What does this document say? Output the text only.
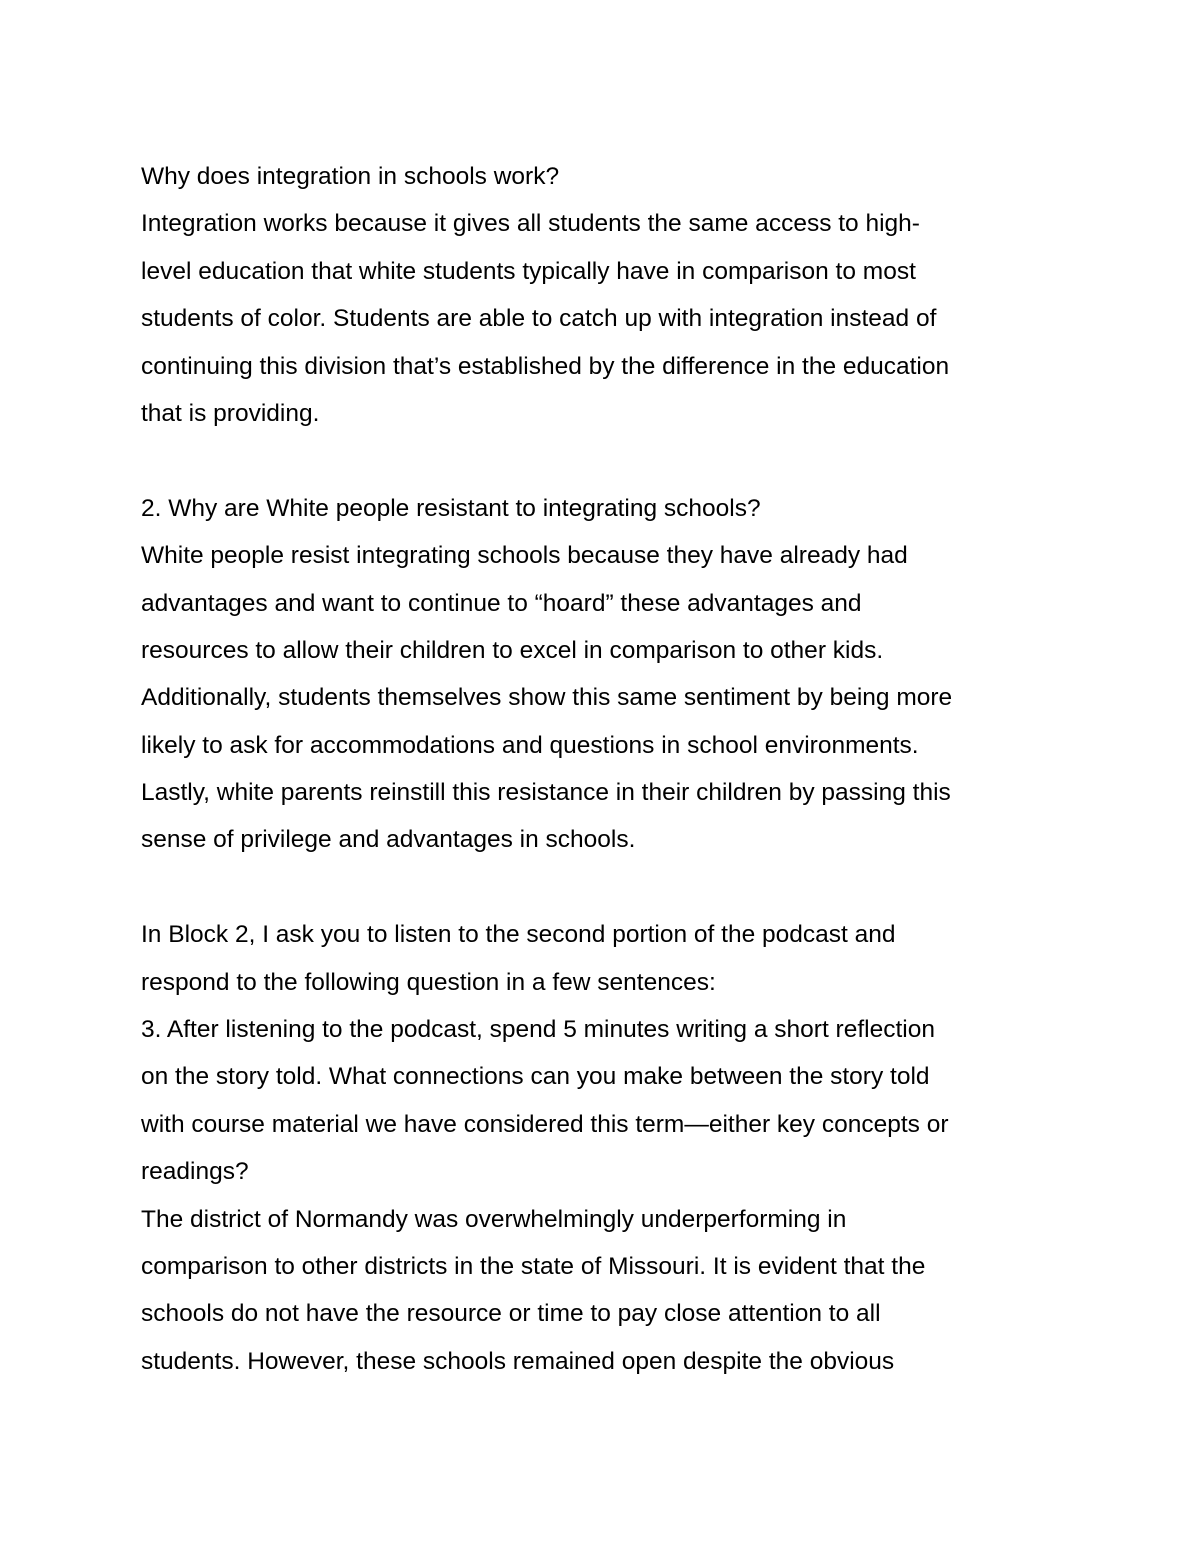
Why does integration in schools work?
Integration works because it gives all students the same access to high-
level education that white students typically have in comparison to most
students of color. Students are able to catch up with integration instead of
continuing this division that’s established by the difference in the education
that is providing.
2. Why are White people resistant to integrating schools?
White people resist integrating schools because they have already had
advantages and want to continue to “hoard” these advantages and
resources to allow their children to excel in comparison to other kids.
Additionally, students themselves show this same sentiment by being more
likely to ask for accommodations and questions in school environments.
Lastly, white parents reinstill this resistance in their children by passing this
sense of privilege and advantages in schools.
In Block 2, I ask you to listen to the second portion of the podcast and
respond to the following question in a few sentences:
3. After listening to the podcast, spend 5 minutes writing a short reflection
on the story told. What connections can you make between the story told
with course material we have considered this term—either key concepts or
readings?
The district of Normandy was overwhelmingly underperforming in
comparison to other districts in the state of Missouri. It is evident that the
schools do not have the resource or time to pay close attention to all
students. However, these schools remained open despite the obvious
